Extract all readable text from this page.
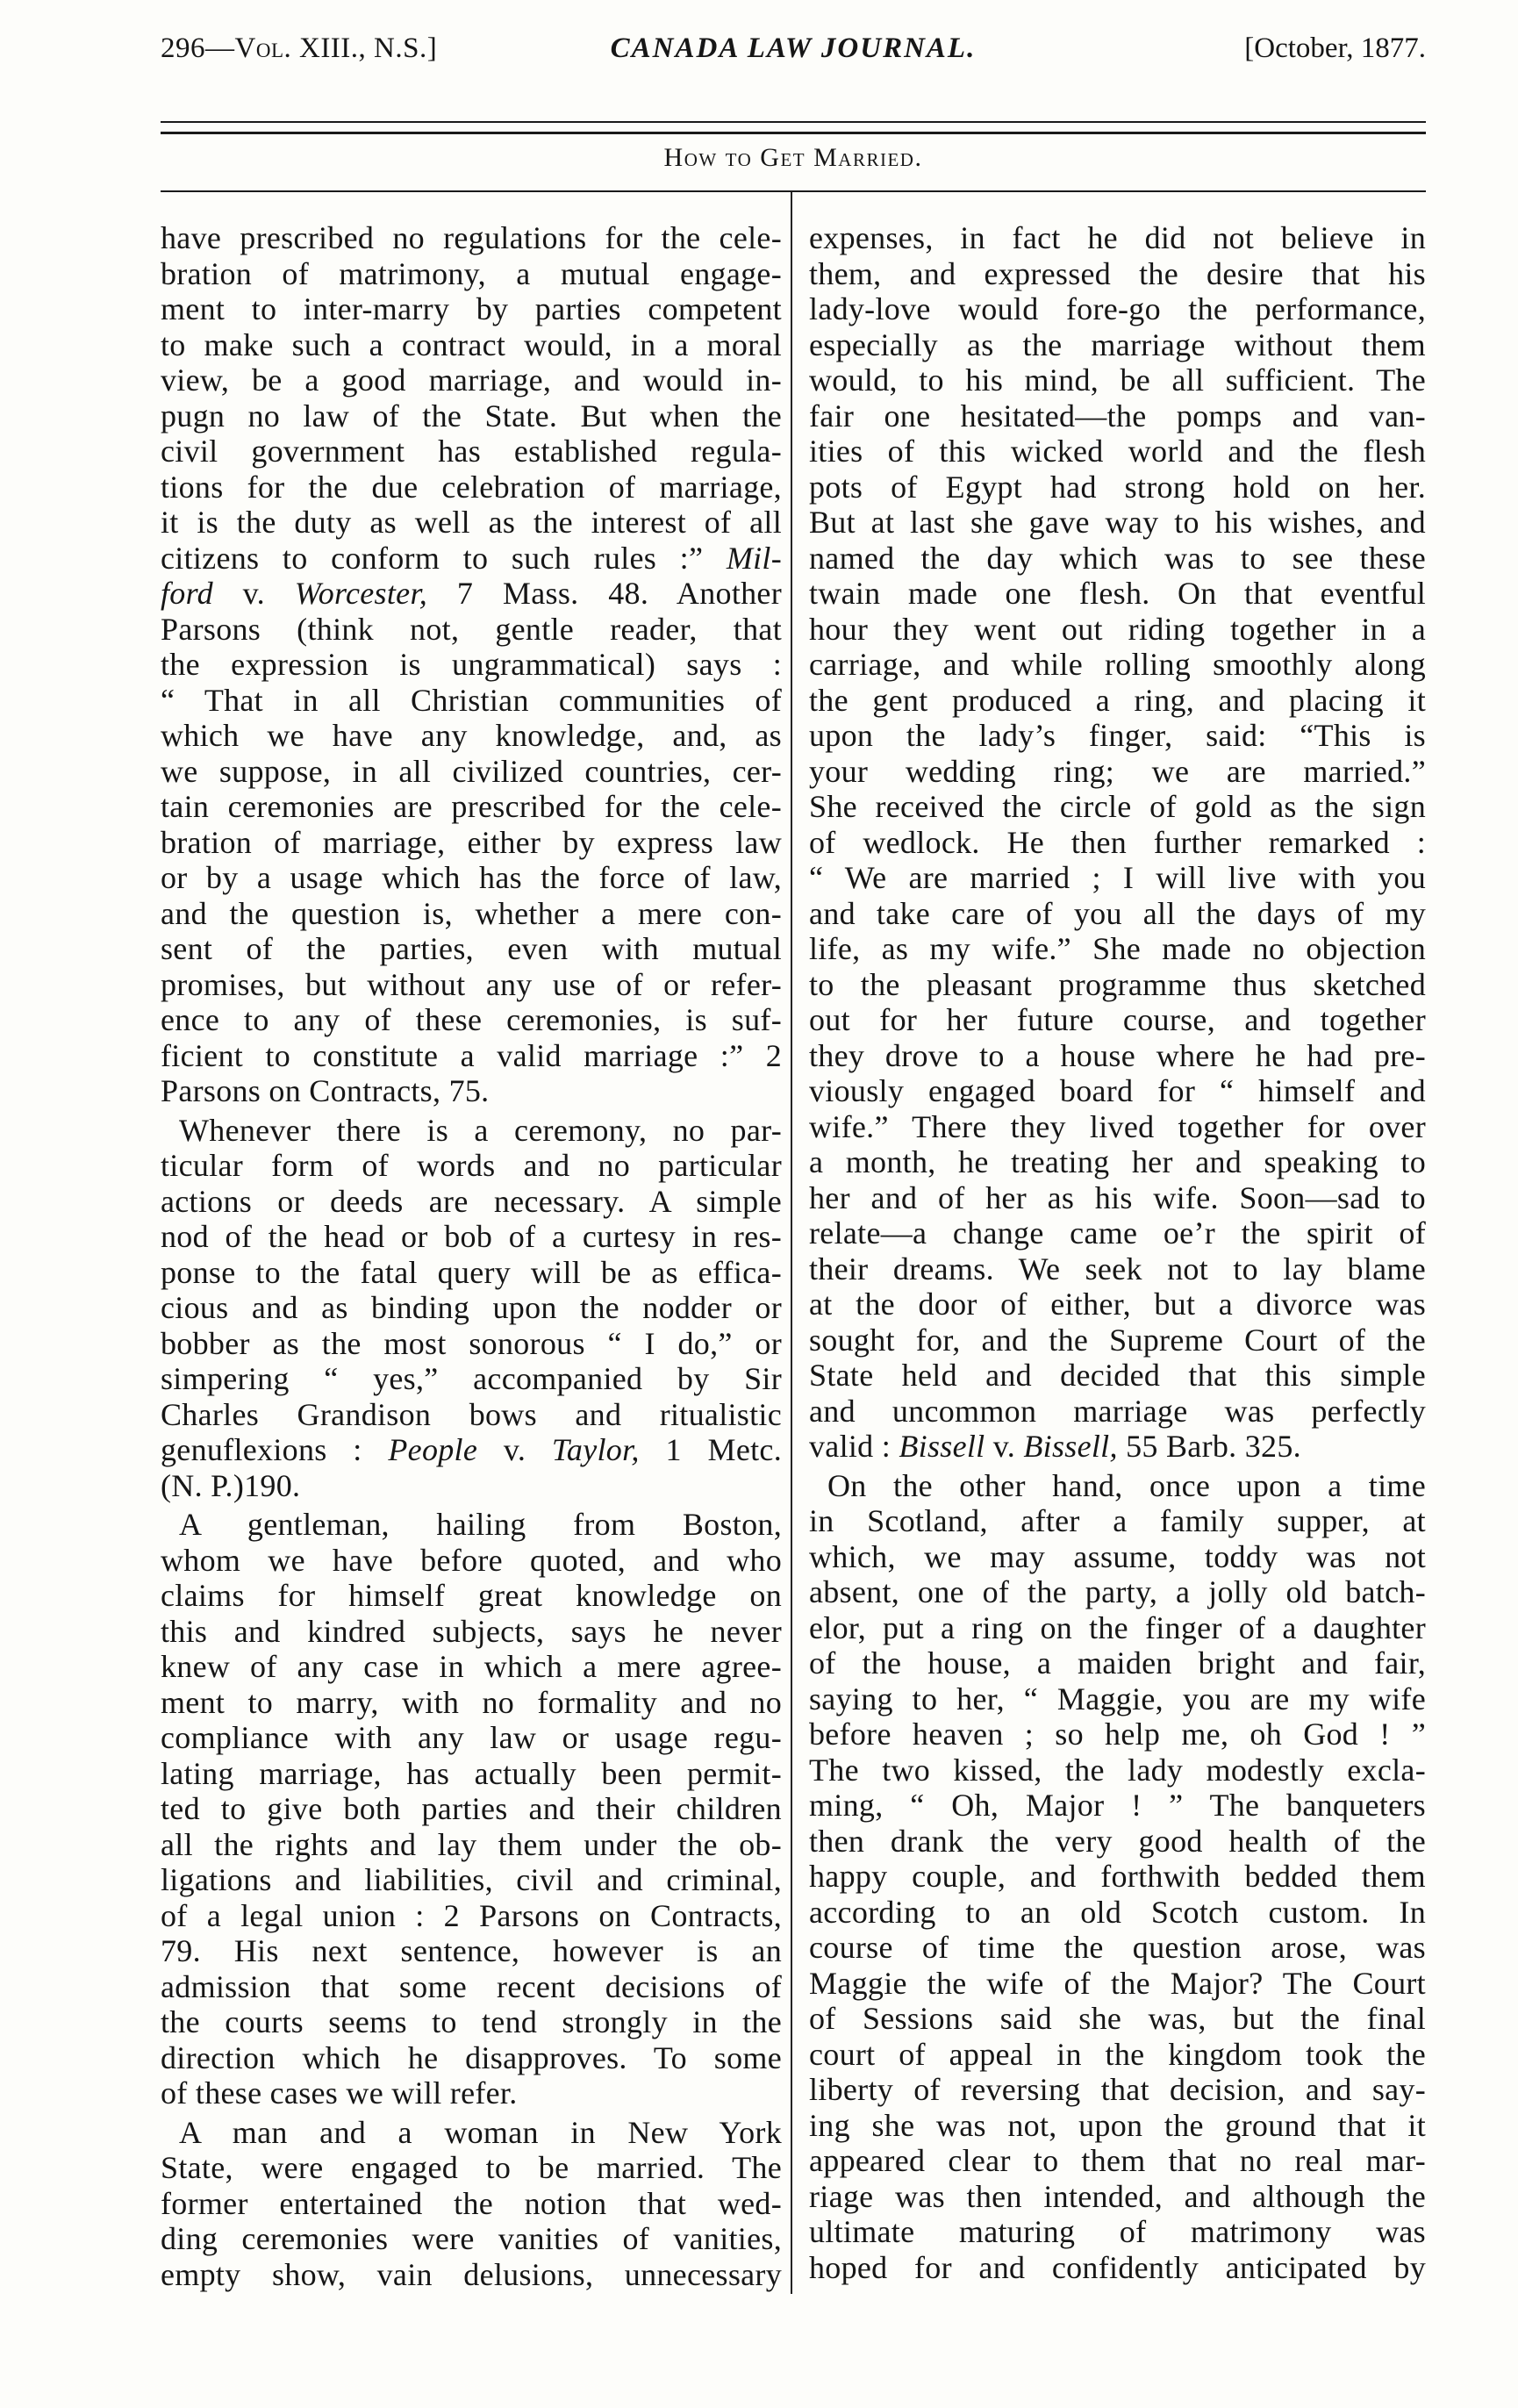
296—Vol. XIII., N.S.]	CANADA LAW JOURNAL.	[October, 1877.
How to Get Married.
have prescribed no regulations for the cele-
bration of matrimony, a mutual engage-
ment to inter-marry by parties competent
to make such a contract would, in a moral
view, be a good marriage, and would in-
pugn no law of the State. But when the
civil government has established regula-
tions for the due celebration of marriage,
it is the duty as well as the interest of all
citizens to conform to such rules :” Mil-
ford v. Worcester, 7 Mass. 48. Another
Parsons (think not, gentle reader, that
the expression is ungrammatical) says :
“ That in all Christian communities of
which we have any knowledge, and, as
we suppose, in all civilized countries, cer-
tain ceremonies are prescribed for the cele-
bration of marriage, either by express law
or by a usage which has the force of law,
and the question is, whether a mere con-
sent of the parties, even with mutual
promises, but without any use of or refer-
ence to any of these ceremonies, is suf-
ficient to constitute a valid marriage :” 2
Parsons on Contracts, 75.
Whenever there is a ceremony, no par-
ticular form of words and no particular
actions or deeds are necessary. A simple
nod of the head or bob of a curtesy in res-
ponse to the fatal query will be as effica-
cious and as binding upon the nodder or
bobber as the most sonorous “ I do,” or
simpering “ yes,” accompanied by Sir
Charles Grandison bows and ritualistic
genuflexions : People v. Taylor, 1 Metc.
(N. P.)190.
A gentleman, hailing from Boston,
whom we have before quoted, and who
claims for himself great knowledge on
this and kindred subjects, says he never
knew of any case in which a mere agree-
ment to marry, with no formality and no
compliance with any law or usage regu-
lating marriage, has actually been permit-
ted to give both parties and their children
all the rights and lay them under the ob-
ligations and liabilities, civil and criminal,
of a legal union : 2 Parsons on Contracts,
79. His next sentence, however is an
admission that some recent decisions of
the courts seems to tend strongly in the
direction which he disapproves. To some
of these cases we will refer.
A man and a woman in New York
State, were engaged to be married. The
former entertained the notion that wed-
ding ceremonies were vanities of vanities,
empty show, vain delusions, unnecessary
expenses, in fact he did not believe in
them, and expressed the desire that his
lady-love would fore-go the performance,
especially as the marriage without them
would, to his mind, be all sufficient. The
fair one hesitated—the pomps and van-
ities of this wicked world and the flesh
pots of Egypt had strong hold on her.
But at last she gave way to his wishes, and
named the day which was to see these
twain made one flesh. On that eventful
hour they went out riding together in a
carriage, and while rolling smoothly along
the gent produced a ring, and placing it
upon the lady’s finger, said: “This is
your wedding ring; we are married.”
She received the circle of gold as the sign
of wedlock. He then further remarked :
“ We are married ; I will live with you
and take care of you all the days of my
life, as my wife.” She made no objection
to the pleasant programme thus sketched
out for her future course, and together
they drove to a house where he had pre-
viously engaged board for “ himself and
wife.” There they lived together for over
a month, he treating her and speaking to
her and of her as his wife. Soon—sad to
relate—a change came oe’r the spirit of
their dreams. We seek not to lay blame
at the door of either, but a divorce was
sought for, and the Supreme Court of the
State held and decided that this simple
and uncommon marriage was perfectly
valid : Bissell v. Bissell, 55 Barb. 325.
On the other hand, once upon a time
in Scotland, after a family supper, at
which, we may assume, toddy was not
absent, one of the party, a jolly old batch-
elor, put a ring on the finger of a daughter
of the house, a maiden bright and fair,
saying to her, “ Maggie, you are my wife
before heaven ; so help me, oh God ! ”
The two kissed, the lady modestly excla-
ming, “ Oh, Major ! ” The banqueters
then drank the very good health of the
happy couple, and forthwith bedded them
according to an old Scotch custom. In
course of time the question arose, was
Maggie the wife of the Major? The Court
of Sessions said she was, but the final
court of appeal in the kingdom took the
liberty of reversing that decision, and say-
ing she was not, upon the ground that it
appeared clear to them that no real mar-
riage was then intended, and although the
ultimate maturing of matrimony was
hoped for and confidently anticipated by
